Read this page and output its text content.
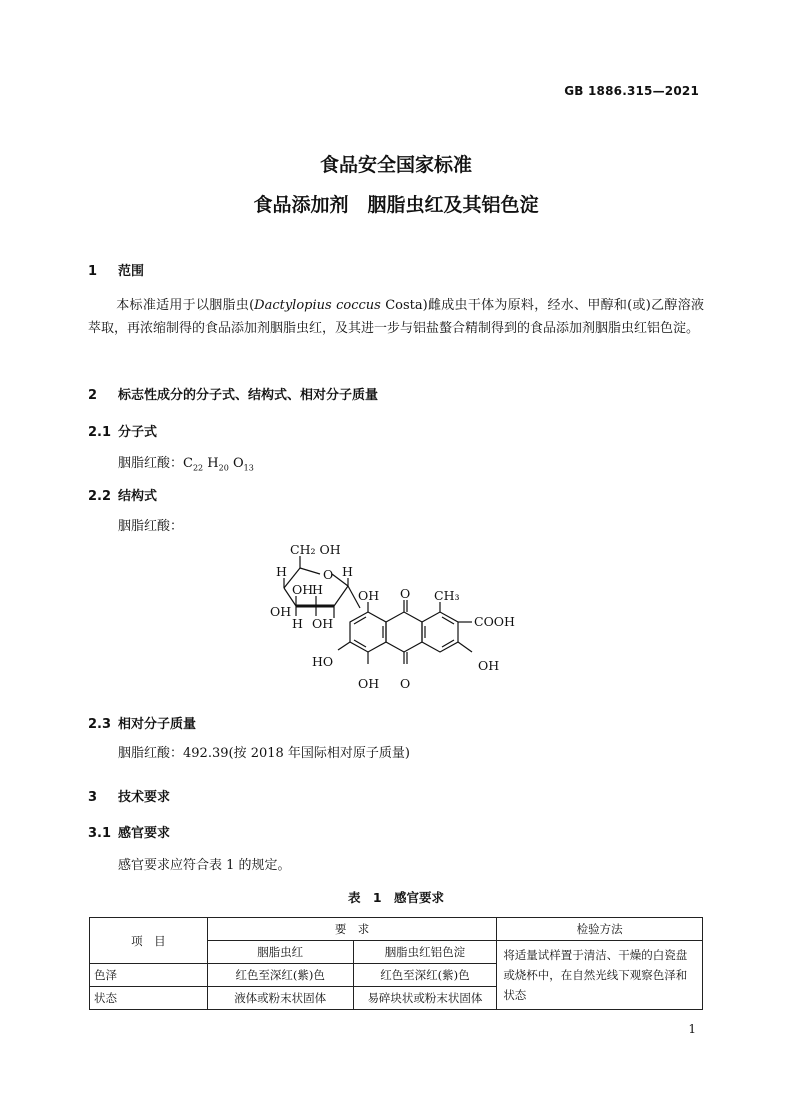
GB 1886.315—2021
食品安全国家标准
食品添加剂　胭脂虫红及其铝色淀
1 范围
本标准适用于以胭脂虫(Dactylopius coccus Costa)雌成虫干体为原料，经水、甲醇和(或)乙醇溶液萃取，再浓缩制得的食品添加剂胭脂虫红，及其进一步与铝盐螯合精制得到的食品添加剂胭脂虫红铝色淀。
2 标志性成分的分子式、结构式、相对分子质量
2.1 分子式
胭脂红酸：$C_{22}$ $H_{20}$ $O_{13}$
2.2 结构式
胭脂红酸：
CH₂ OH
H	O H
OH
H
OH
H OH
OH O CH₃
COOH
HO	OH
OH O
2.3 相对分子质量
胭脂红酸：492.39(按 2018 年国际相对原子质量)
3 技术要求
3.1 感官要求
感官要求应符合表 1 的规定。
表 1　感官要求
项　目	要　求		检验方法
	胭脂虫红	胭脂虫红铝色淀	将适量试样置于清洁、干燥的白瓷盘或烧杯中，在自然光线下观察色泽和状态
色泽	红色至深红(紫)色	红色至深红(紫)色	
状态	液体或粉末状固体	易碎块状或粉末状固体	
1
